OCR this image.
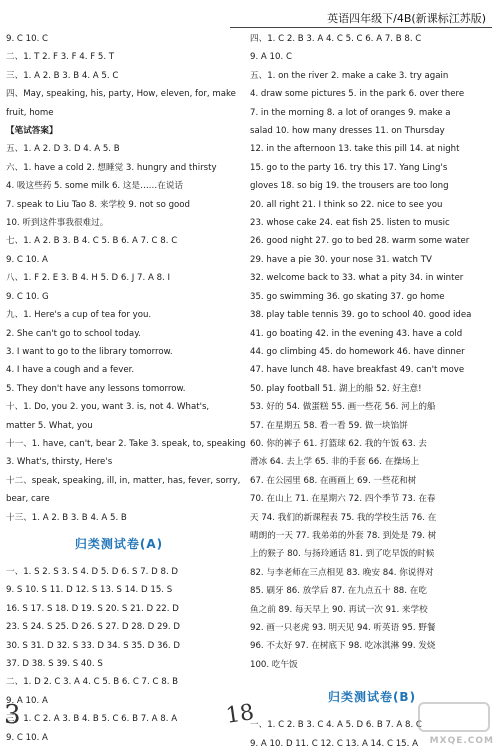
英语四年级下/4B(新课标江苏版)
9. C 10. C
二、1. T 2. F 3. F 4. F 5. T
三、1. A 2. B 3. B 4. A 5. C
四、May, speaking, his, party, How, eleven, for, make
fruit, home
【笔试答案】
五、1. A 2. D 3. D 4. A 5. B
六、1. have a cold 2. 想睡觉 3. hungry and thirsty
4. 吸这些药 5. some milk 6. 这是……在说话
7. speak to Liu Tao 8. 来学校 9. not so good
10. 听到这件事我很难过。
七、1. A 2. B 3. B 4. C 5. B 6. A 7. C 8. C
9. C 10. A
八、1. F 2. E 3. B 4. H 5. D 6. J 7. A 8. I
9. C 10. G
九、1. Here's a cup of tea for you.
2. She can't go to school today.
3. I want to go to the library tomorrow.
4. I have a cough and a fever.
5. They don't have any lessons tomorrow.
十、1. Do, you 2. you, want 3. is, not 4. What's,
matter 5. What, you
十一、1. have, can't, bear 2. Take 3. speak, to, speaking
3. What's, thirsty, Here's
十二、speak, speaking, ill, in, matter, has, fever, sorry,
bear, care
十三、1. A 2. B 3. B 4. A 5. B
归类测试卷(A)
一、1. S 2. S 3. S 4. D 5. D 6. S 7. D 8. D
9. S 10. S 11. D 12. S 13. S 14. D 15. S
16. S 17. S 18. D 19. S 20. S 21. D 22. D
23. S 24. S 25. D 26. S 27. D 28. D 29. D
30. S 31. D 32. S 33. D 34. S 35. D 36. D
37. D 38. S 39. S 40. S
二、1. D 2. C 3. A 4. C 5. B 6. C 7. C 8. B
9. A 10. A
三、1. C 2. A 3. B 4. B 5. C 6. B 7. A 8. A
9. C 10. A
四、1. C 2. B 3. A 4. C 5. C 6. A 7. B 8. C
9. A 10. C
五、1. on the river 2. make a cake 3. try again
4. draw some pictures 5. in the park 6. over there
7. in the morning 8. a lot of oranges 9. make a
salad 10. how many dresses 11. on Thursday
12. in the afternoon 13. take this pill 14. at night
15. go to the party 16. try this 17. Yang Ling's
gloves 18. so big 19. the trousers are too long
20. all right 21. I think so 22. nice to see you
23. whose cake 24. eat fish 25. listen to music
26. good night 27. go to bed 28. warm some water
29. have a pie 30. your nose 31. watch TV
32. welcome back to 33. what a pity 34. in winter
35. go swimming 36. go skating 37. go home
38. play table tennis 39. go to school 40. good idea
41. go boating 42. in the evening 43. have a cold
44. go climbing 45. do homework 46. have dinner
47. have lunch 48. have breakfast 49. can't move
50. play football 51. 湖上的船 52. 好主意!
53. 好的 54. 做蛋糕 55. 画一些花 56. 河上的船
57. 在星期五 58. 看一看 59. 做一块馅饼
60. 你的裤子 61. 打篮球 62. 我的午饭 63. 去
滑冰 64. 去上学 65. 非的手套 66. 在操场上
67. 在公园里 68. 在画画上 69. 一些花和树
70. 在山上 71. 在星期六 72. 四个季节 73. 在春
天 74. 我们的新课程表 75. 我的学校生活 76. 在
晴朗的一天 77. 我弟弟的外套 78. 到处是 79. 树
上的猴子 80. 与扬玲通话 81. 到了吃早饭的时候
82. 与李老师在三点相见 83. 晚安 84. 你说得对
85. 刷牙 86. 放学后 87. 在九点五十 88. 在吃
鱼之前 89. 每天早上 90. 再试一次 91. 来学校
92. 画一只老虎 93. 明天见 94. 听英语 95. 野餐
96. 不太好 97. 在树底下 98. 吃冰淇淋 99. 发烧
100. 吃午饭
归类测试卷(B)
一、1. C 2. B 3. C 4. A 5. D 6. B 7. A 8. C
9. A 10. D 11. C 12. C 13. A 14. C 15. A
3	18
MXQE.COM
